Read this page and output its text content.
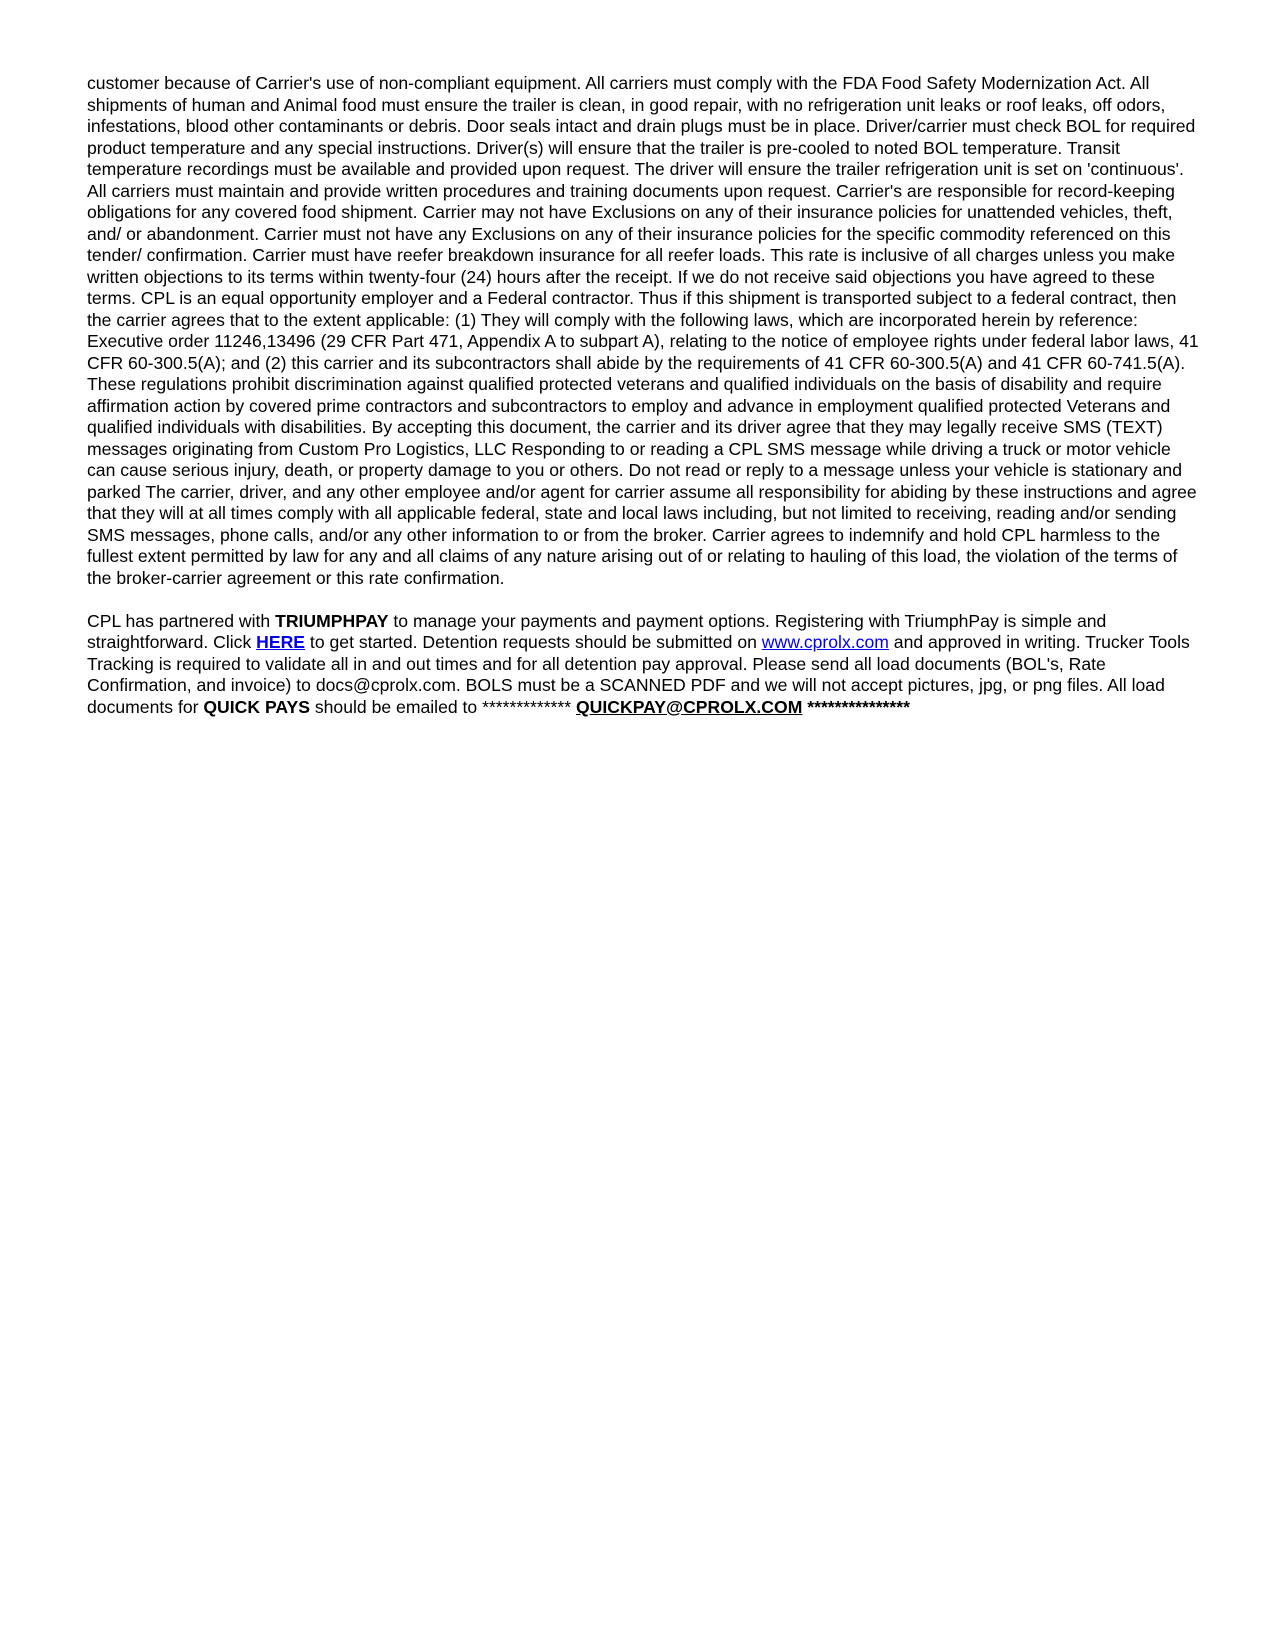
customer because of Carrier's use of non-compliant equipment. All carriers must comply with the FDA Food Safety Modernization Act. All shipments of human and Animal food must ensure the trailer is clean, in good repair, with no refrigeration unit leaks or roof leaks, off odors, infestations, blood other contaminants or debris. Door seals intact and drain plugs must be in place. Driver/carrier must check BOL for required product temperature and any special instructions. Driver(s) will ensure that the trailer is pre-cooled to noted BOL temperature. Transit temperature recordings must be available and provided upon request. The driver will ensure the trailer refrigeration unit is set on 'continuous'. All carriers must maintain and provide written procedures and training documents upon request. Carrier's are responsible for record-keeping obligations for any covered food shipment. Carrier may not have Exclusions on any of their insurance policies for unattended vehicles, theft, and/ or abandonment. Carrier must not have any Exclusions on any of their insurance policies for the specific commodity referenced on this tender/ confirmation. Carrier must have reefer breakdown insurance for all reefer loads. This rate is inclusive of all charges unless you make written objections to its terms within twenty-four (24) hours after the receipt. If we do not receive said objections you have agreed to these terms. CPL is an equal opportunity employer and a Federal contractor. Thus if this shipment is transported subject to a federal contract, then the carrier agrees that to the extent applicable: (1) They will comply with the following laws, which are incorporated herein by reference: Executive order 11246,13496 (29 CFR Part 471, Appendix A to subpart A), relating to the notice of employee rights under federal labor laws, 41 CFR 60-300.5(A); and (2) this carrier and its subcontractors shall abide by the requirements of 41 CFR 60-300.5(A) and 41 CFR 60-741.5(A). These regulations prohibit discrimination against qualified protected veterans and qualified individuals on the basis of disability and require affirmation action by covered prime contractors and subcontractors to employ and advance in employment qualified protected Veterans and qualified individuals with disabilities. By accepting this document, the carrier and its driver agree that they may legally receive SMS (TEXT) messages originating from Custom Pro Logistics, LLC Responding to or reading a CPL SMS message while driving a truck or motor vehicle can cause serious injury, death, or property damage to you or others. Do not read or reply to a message unless your vehicle is stationary and parked The carrier, driver, and any other employee and/or agent for carrier assume all responsibility for abiding by these instructions and agree that they will at all times comply with all applicable federal, state and local laws including, but not limited to receiving, reading and/or sending SMS messages, phone calls, and/or any other information to or from the broker. Carrier agrees to indemnify and hold CPL harmless to the fullest extent permitted by law for any and all claims of any nature arising out of or relating to hauling of this load, the violation of the terms of the broker-carrier agreement or this rate confirmation.

CPL has partnered with TRIUMPHPAY to manage your payments and payment options. Registering with TriumphPay is simple and straightforward. Click HERE to get started. Detention requests should be submitted on www.cprolx.com and approved in writing. Trucker Tools Tracking is required to validate all in and out times and for all detention pay approval. Please send all load documents (BOL's, Rate Confirmation, and invoice) to docs@cprolx.com. BOLS must be a SCANNED PDF and we will not accept pictures, jpg, or png files. All load documents for QUICK PAYS should be emailed to ************* QUICKPAY@CPROLX.COM ***************
